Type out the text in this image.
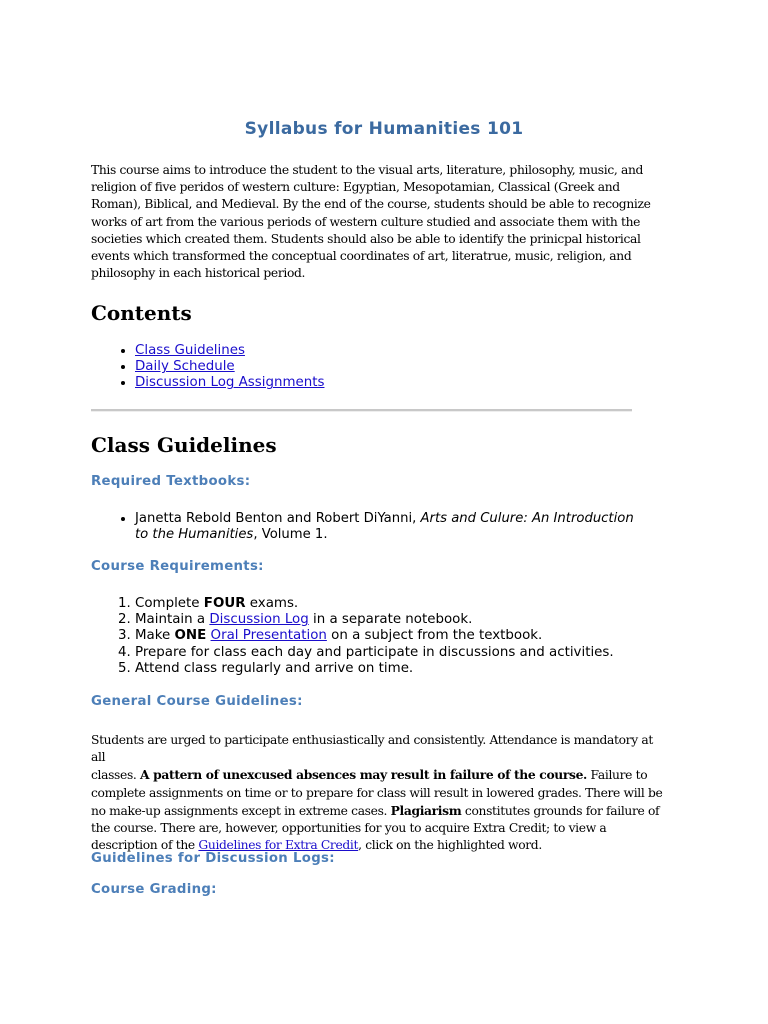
Syllabus for Humanities 101

This course aims to introduce the student to the visual arts, literature, philosophy, music, and

religion of five peridos of western culture: Egyptian, Mesopotamian, Classical (Greek and

Roman), Biblical, and Medieval. By the end of the course, students should be able to recognize

works of art from the various periods of western culture studied and associate them with the

societies which created them. Students should also be able to identify the prinicpal historical

events which transformed the conceptual coordinates of art, literatrue, music, religion, and

philosophy in each historical period.

Contents
• Class Guidelines
• Daily Schedule
• Discussion Log Assignments
Class Guidelines
Required Textbooks:
• Janetta Rebold Benton and Robert DiYanni, Arts and Culure: An Introduction
to the Humanities, Volume 1.
Course Requirements:
1. Complete FOUR exams.
2. Maintain a Discussion Log in a separate notebook.
3. Make ONE Oral Presentation on a subject from the textbook.
4. Prepare for class each day and participate in discussions and activities.
5. Attend class regularly and arrive on time.
General Course Guidelines:

Students are urged to participate enthusiastically and consistently. Attendance is mandatory at all

classes. A pattern of unexcused absences may result in failure of the course. Failure to

complete assignments on time or to prepare for class will result in lowered grades. There will be

no make-up assignments except in extreme cases. Plagiarism constitutes grounds for failure of

the course. There are, however, opportunities for you to acquire Extra Credit; to view a

description of the Guidelines for Extra Credit, click on the highlighted word.

Guidelines for Discussion Logs:
Course Grading:
